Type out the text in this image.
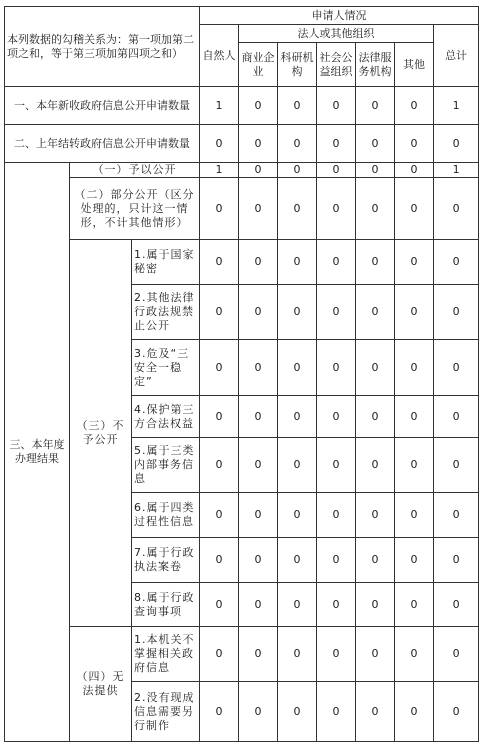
本列数据的勾稽关系为：第一项加第二项之和，等于第三项加第四项之和）			申请人情况						
			自然人	法人或其他组织					总计
				商业企业	科研机构	社会公益组织	法律服务机构	其他	
一、本年新收政府信息公开申请数量			1	0	0	0	0	0	1
二、上年结转政府信息公开申请数量			0	0	0	0	0	0	0
三、本年度办理结果	（一）予以公开		1	0	0	0	0	0	1
	（二）部分公开（区分处理的，只计这一情形，不计其他情形）		0	0	0	0	0	0	0
	（三）不予公开	1.属于国家秘密	0	0	0	0	0	0	0
		2.其他法律行政法规禁止公开	0	0	0	0	0	0	0
		3.危及“三安全一稳定”	0	0	0	0	0	0	0
		4.保护第三方合法权益	0	0	0	0	0	0	0
		5.属于三类内部事务信息	0	0	0	0	0	0	0
		6.属于四类过程性信息	0	0	0	0	0	0	0
		7.属于行政执法案卷	0	0	0	0	0	0	0
		8.属于行政查询事项	0	0	0	0	0	0	0
	（四）无法提供	1.本机关不掌握相关政府信息	0	0	0	0	0	0	0
		2.没有现成信息需要另行制作	0	0	0	0	0	0	0
